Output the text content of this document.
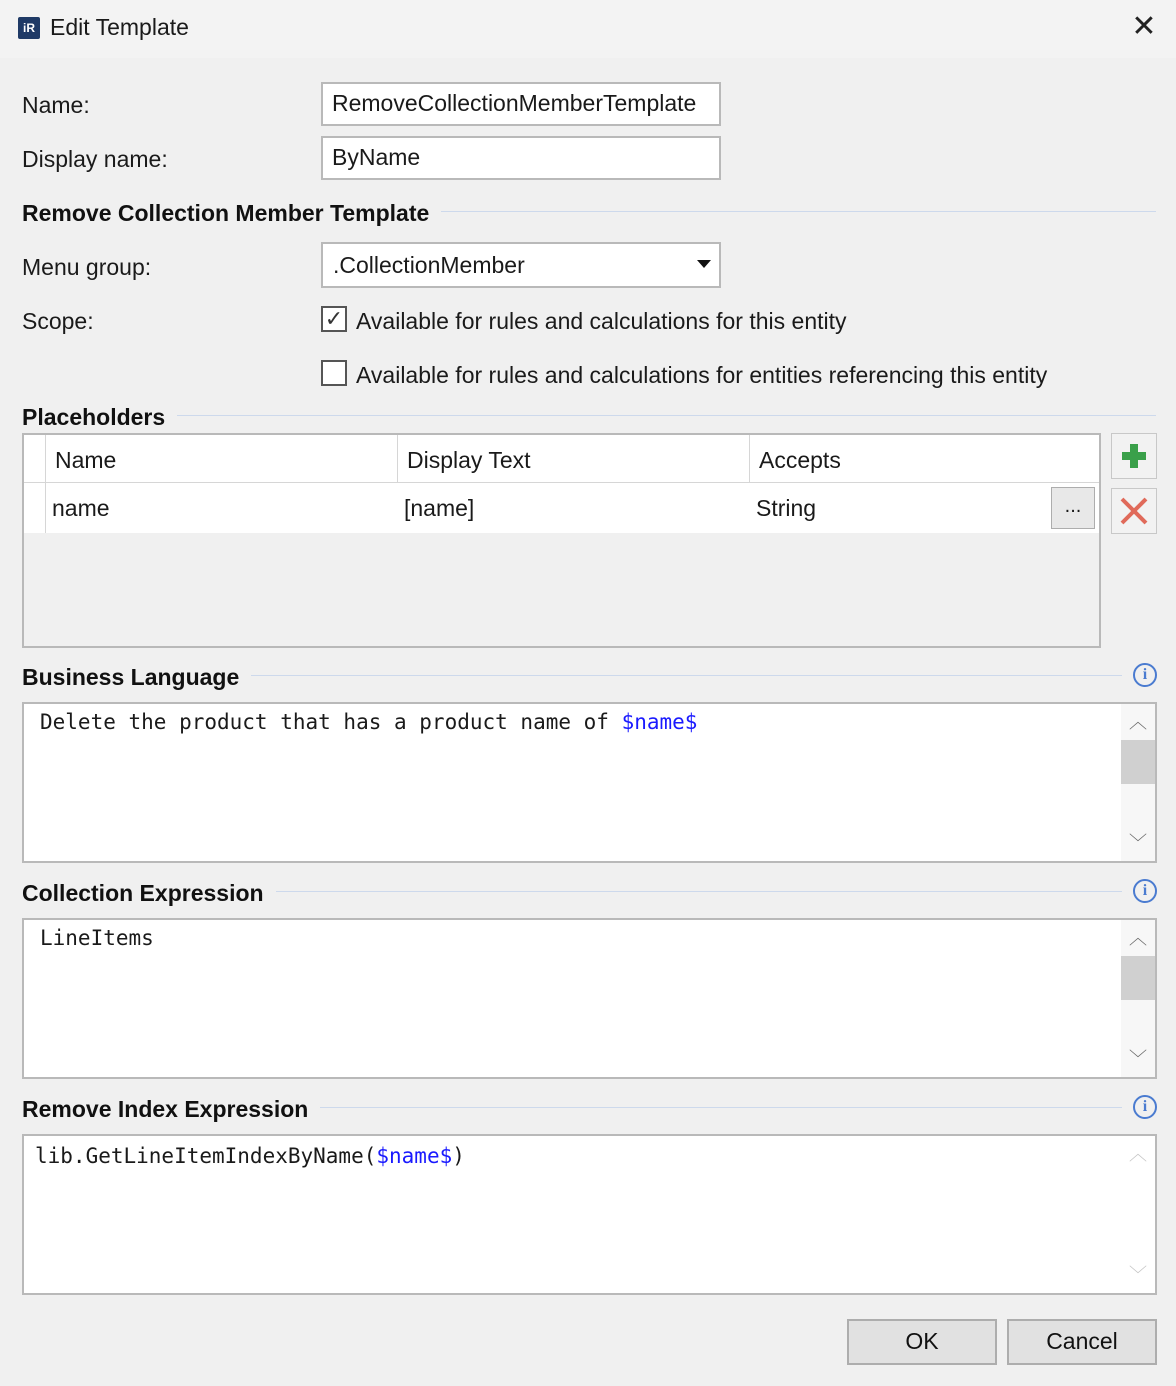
iR Edit Template	✕
Name:	RemoveCollectionMemberTemplate
Display name:	ByName
Remove Collection Member Template
Menu group:	.CollectionMember
Scope:	✓ Available for rules and calculations for this entity
Available for rules and calculations for entities referencing this entity
Placeholders
Name	Display Text	Accepts
name	[name]	String	...
Business Language	i
Delete the product that has a product name of $name$	︿
﹀
Collection Expression	i
LineItems	︿
﹀
Remove Index Expression	i
lib.GetLineItemIndexByName($name$)	︿
﹀
OK	Cancel
